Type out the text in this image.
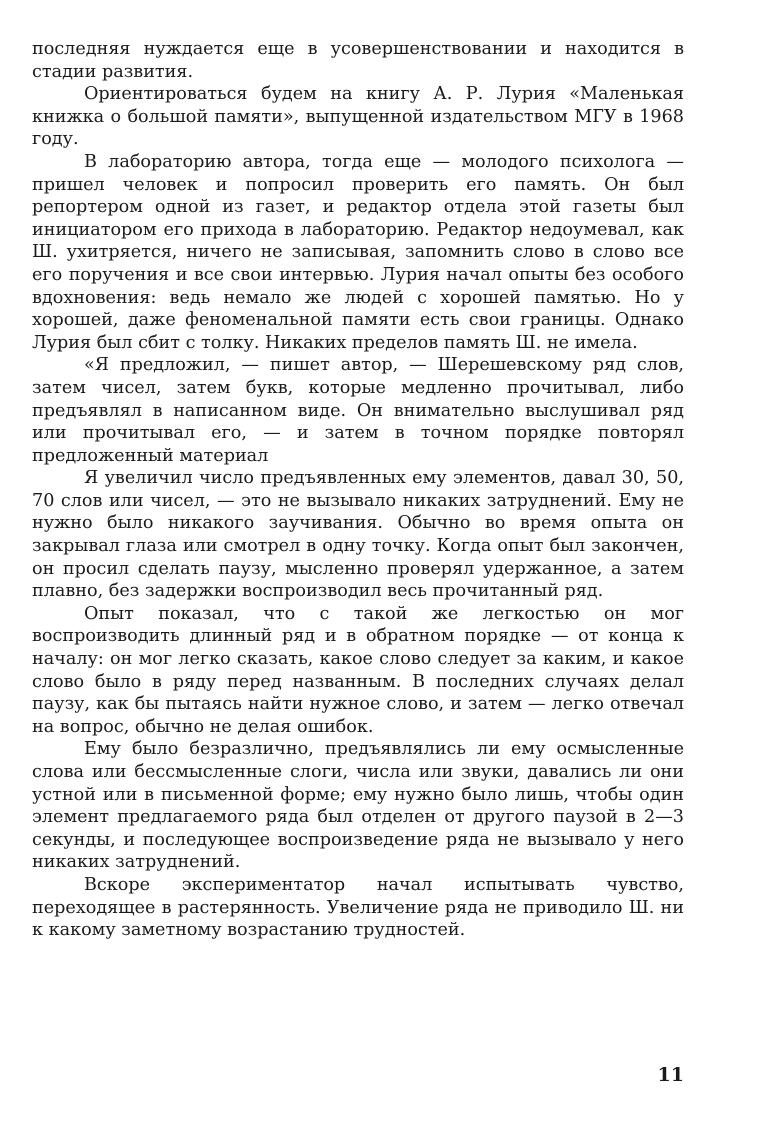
последняя нуждается еще в усовершенствовании и находится в стадии развития.

Ориентироваться будем на книгу А. Р. Лурия «Маленькая книжка о большой памяти», выпущенной издательством МГУ в 1968 году.

В лабораторию автора, тогда еще — молодого психолога — пришел человек и попросил проверить его память. Он был репортером одной из газет, и редактор отдела этой газеты был инициатором его прихода в лабораторию. Редактор недоумевал, как Ш. ухитряется, ничего не записывая, запомнить слово в слово все его поручения и все свои интервью. Лурия начал опыты без особого вдохновения: ведь немало же людей с хорошей памятью. Но у хорошей, даже феноменальной памяти есть свои границы. Однако Лурия был сбит с толку. Никаких пределов память Ш. не имела.

«Я предложил, — пишет автор, — Шерешевскому ряд слов, затем чисел, затем букв, которые медленно прочитывал, либо предъявлял в написанном виде. Он внимательно выслушивал ряд или прочитывал его, — и затем в точном порядке повторял предложенный материал

Я увеличил число предъявленных ему элементов, давал 30, 50, 70 слов или чисел, — это не вызывало никаких затруднений. Ему не нужно было никакого заучивания. Обычно во время опыта он закрывал глаза или смотрел в одну точку. Когда опыт был закончен, он просил сделать паузу, мысленно проверял удержанное, а затем плавно, без задержки воспроизводил весь прочитанный ряд.

Опыт показал, что с такой же легкостью он мог воспроизводить длинный ряд и в обратном порядке — от конца к началу: он мог легко сказать, какое слово следует за каким, и какое слово было в ряду перед названным. В последних случаях делал паузу, как бы пытаясь найти нужное слово, и затем — легко отвечал на вопрос, обычно не делая ошибок.

Ему было безразлично, предъявлялись ли ему осмысленные слова или бессмысленные слоги, числа или звуки, давались ли они устной или в письменной форме; ему нужно было лишь, чтобы один элемент предлагаемого ряда был отделен от другого паузой в 2—3 секунды, и последующее воспроизведение ряда не вызывало у него никаких затруднений.

Вскоре экспериментатор начал испытывать чувство, переходящее в растерянность. Увеличение ряда не приводило Ш. ни к какому заметному возрастанию трудностей.

11
